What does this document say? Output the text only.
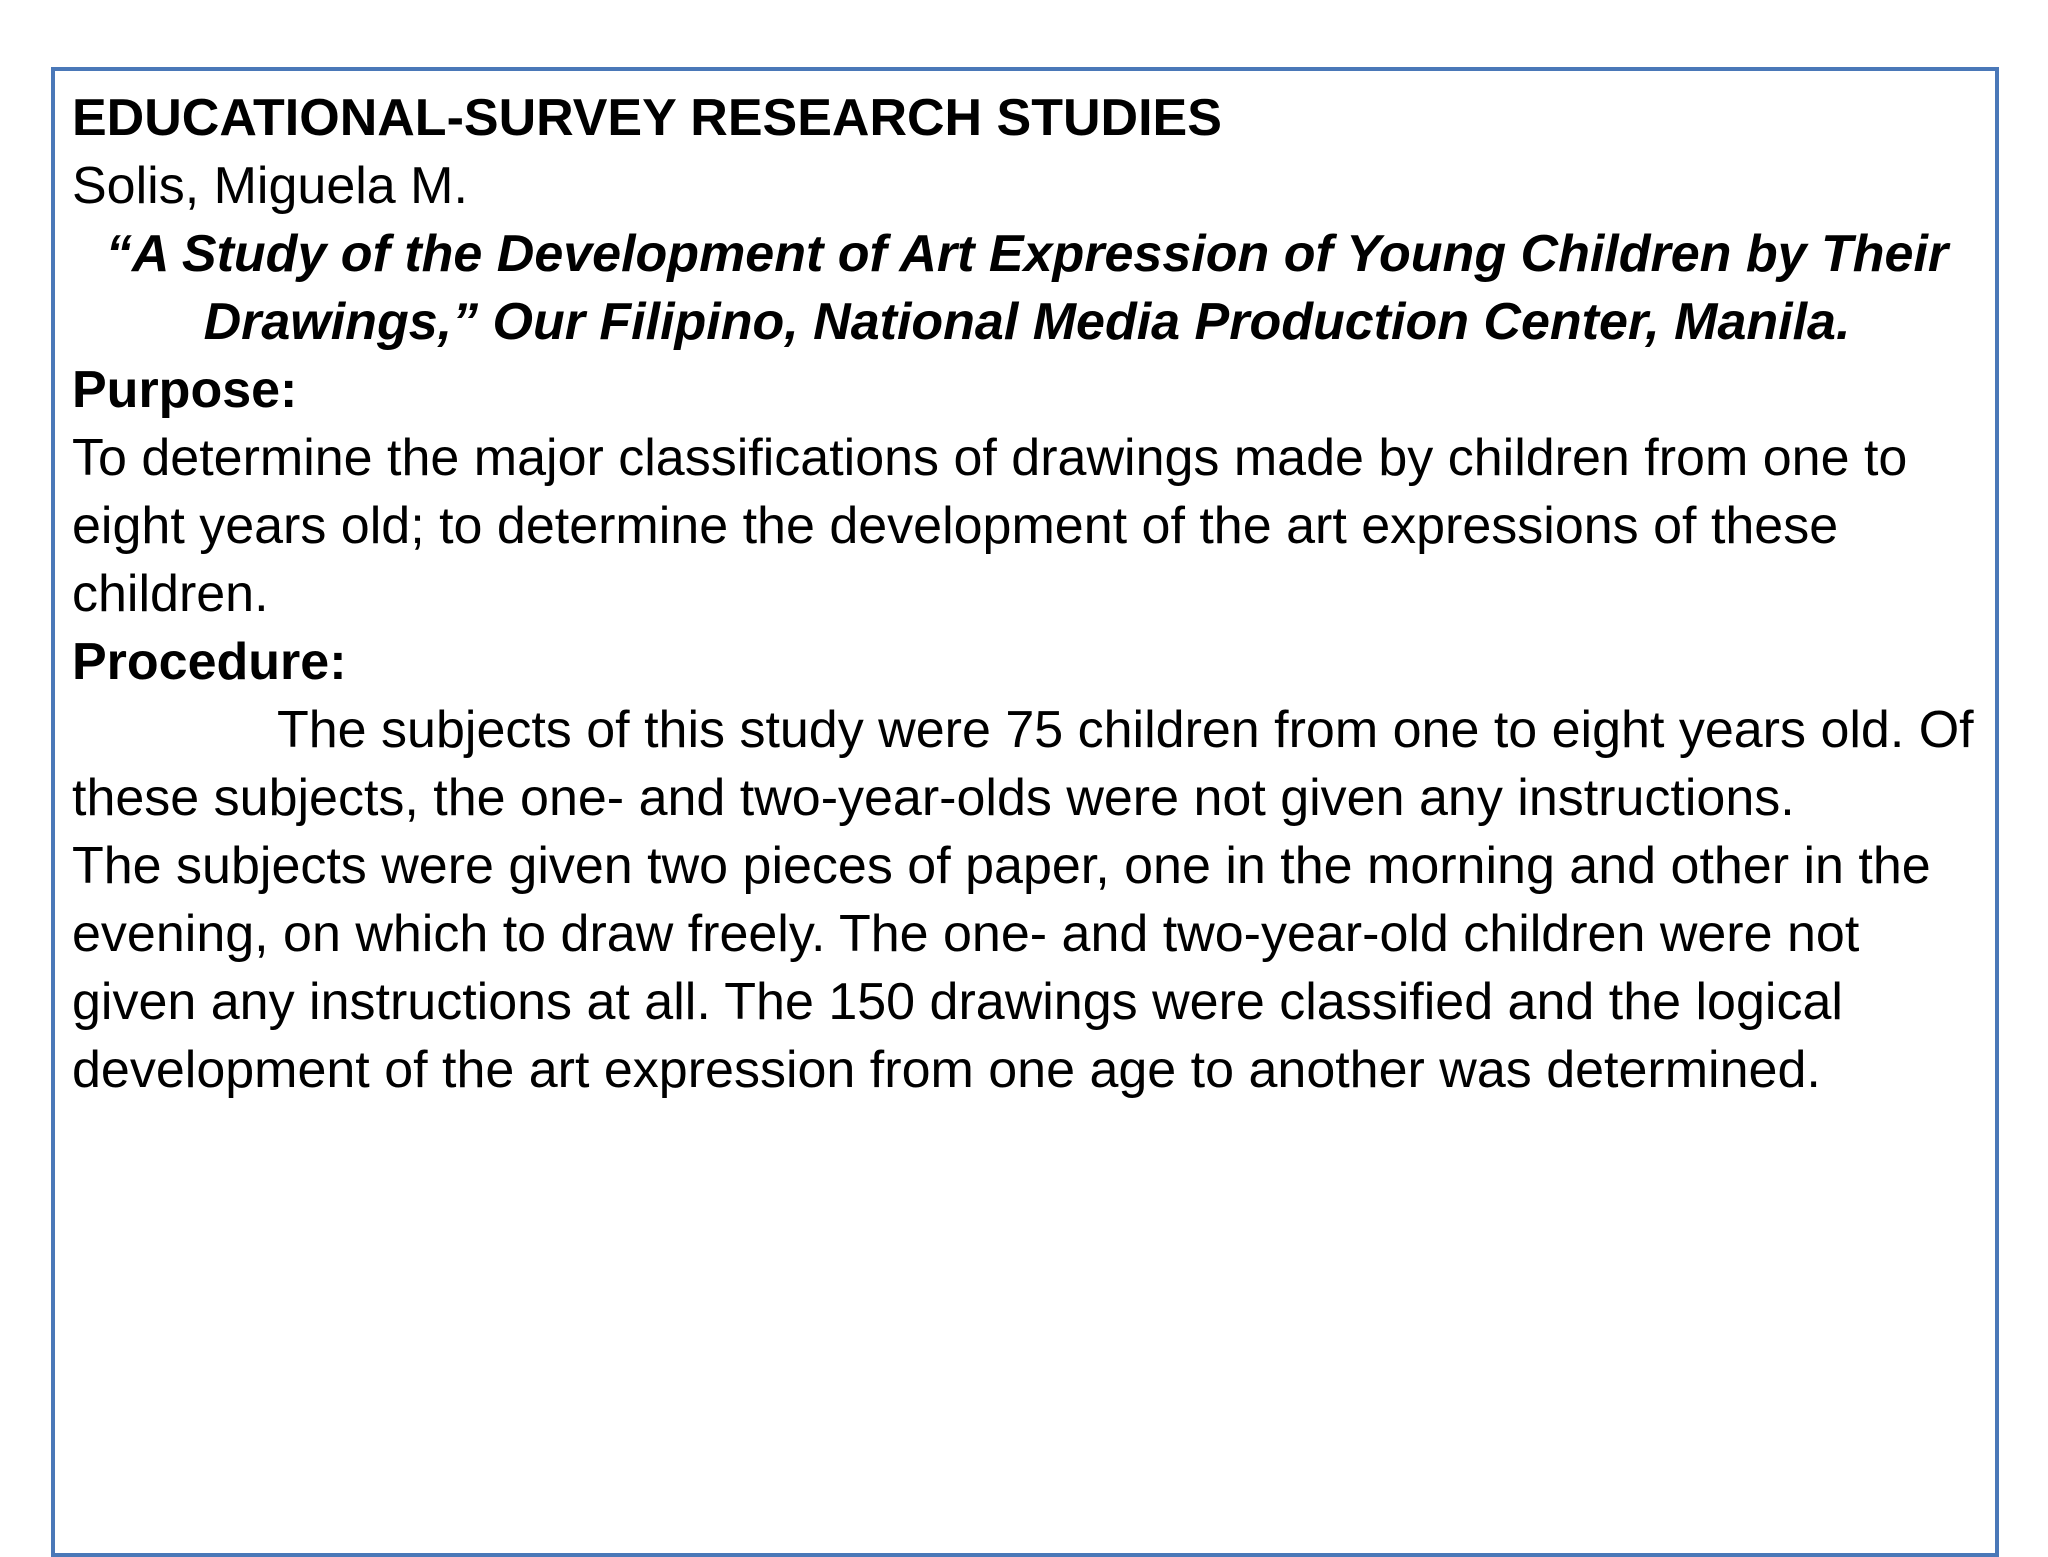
EDUCATIONAL-SURVEY RESEARCH STUDIES

Solis, Miguela M.

“A Study of the Development of Art Expression of Young Children by Their Drawings,” Our Filipino, National Media Production Center, Manila.

Purpose:

To determine the major classifications of drawings made by children from one to eight years old; to determine the development of the art expressions of these children.

Procedure:

The subjects of this study were 75 children from one to eight years old. Of these subjects, the one- and two-year-olds were not given any instructions.

The subjects were given two pieces of paper, one in the morning and other in the evening, on which to draw freely. The one- and two-year-old children were not given any instructions at all. The 150 drawings were classified and the logical development of the art expression from one age to another was determined.
